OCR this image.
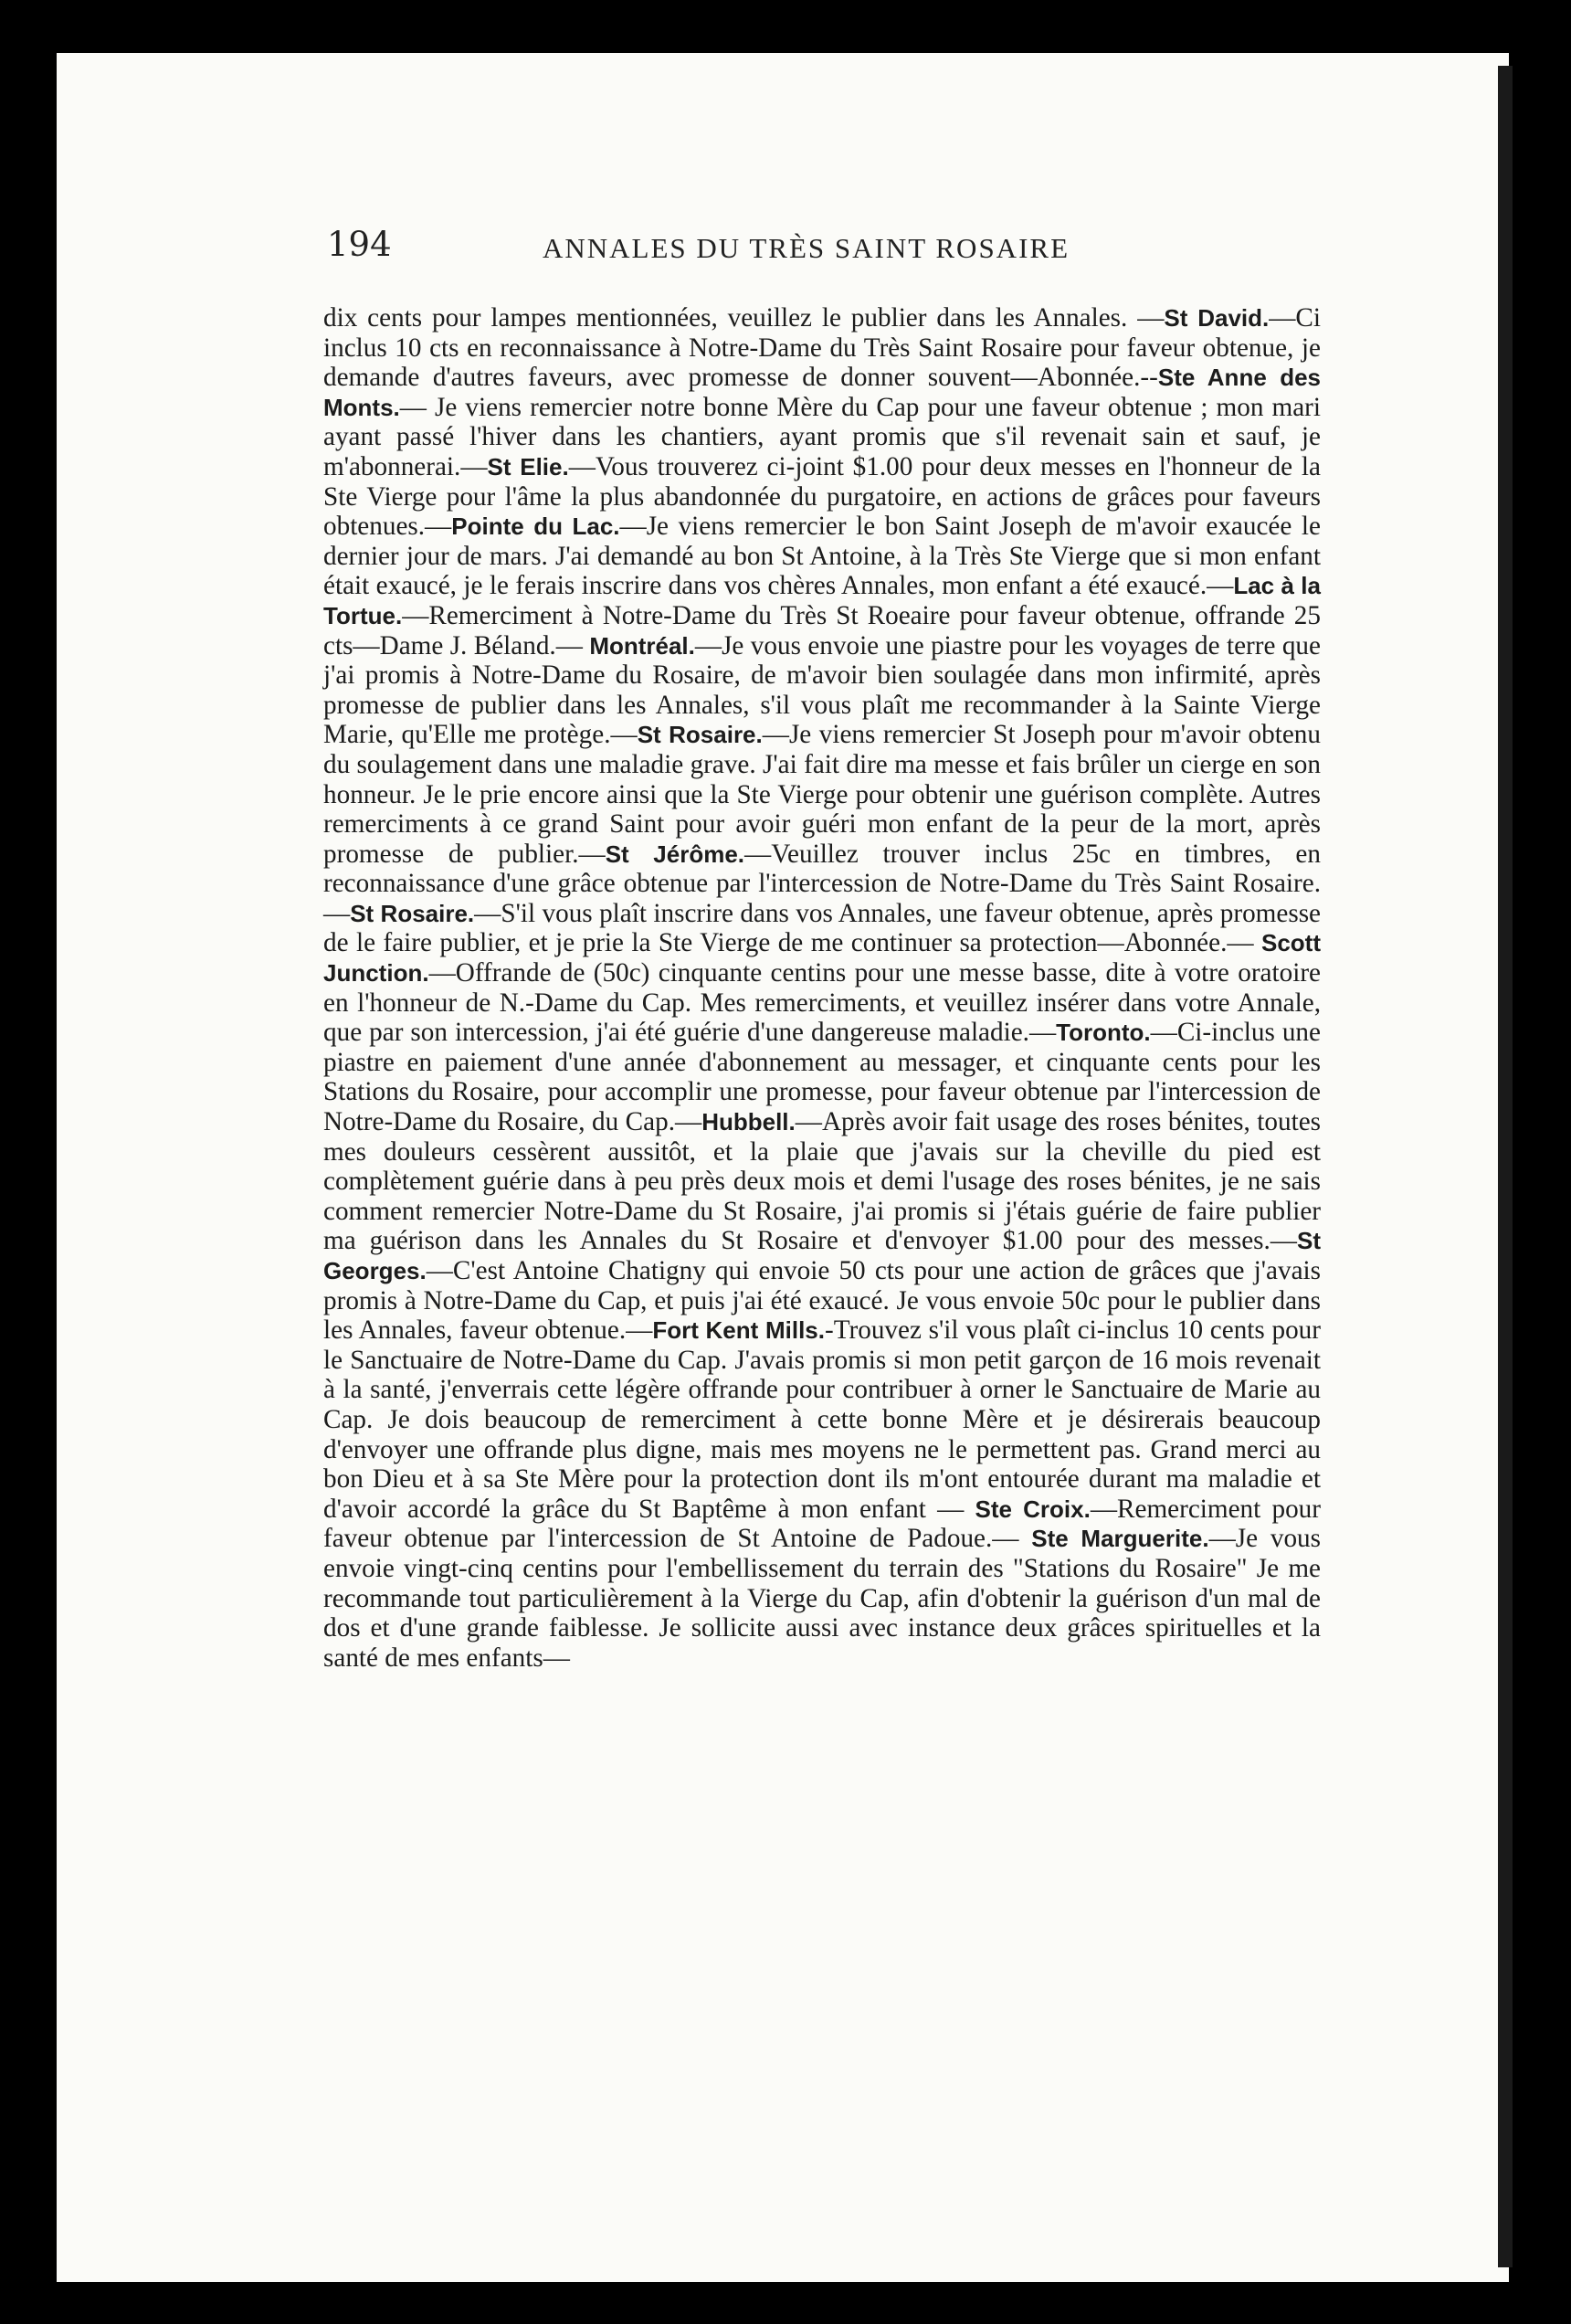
194	ANNALES DU TRÈS SAINT ROSAIRE

dix cents pour lampes mentionnées, veuillez le publier dans les Annales. —St David.—Ci inclus 10 cts en reconnaissance à Notre-Dame du Très Saint Rosaire pour faveur obtenue, je demande d'autres faveurs, avec promesse de donner souvent—Abonnée.--Ste Anne des Monts.— Je viens remercier notre bonne Mère du Cap pour une faveur obtenue ; mon mari ayant passé l'hiver dans les chantiers, ayant promis que s'il revenait sain et sauf, je m'abonnerai.—St Elie.—Vous trouverez ci-joint $1.00 pour deux messes en l'honneur de la Ste Vierge pour l'âme la plus abandonnée du purgatoire, en actions de grâces pour faveurs obtenues.—Pointe du Lac.—Je viens remercier le bon Saint Joseph de m'avoir exaucée le dernier jour de mars. J'ai demandé au bon St Antoine, à la Très Ste Vierge que si mon enfant était exaucé, je le ferais inscrire dans vos chères Annales, mon enfant a été exaucé.—Lac à la Tortue.—Remerciment à Notre-Dame du Très St Roeaire pour faveur obtenue, offrande 25 cts—Dame J. Béland.— Montréal.—Je vous envoie une piastre pour les voyages de terre que j'ai promis à Notre-Dame du Rosaire, de m'avoir bien soulagée dans mon infirmité, après promesse de publier dans les Annales, s'il vous plaît me recommander à la Sainte Vierge Marie, qu'Elle me protège.—St Rosaire.—Je viens remercier St Joseph pour m'avoir obtenu du soulagement dans une maladie grave. J'ai fait dire ma messe et fais brûler un cierge en son honneur. Je le prie encore ainsi que la Ste Vierge pour obtenir une guérison complète. Autres remerciments à ce grand Saint pour avoir guéri mon enfant de la peur de la mort, après promesse de publier.—St Jérôme.—Veuillez trouver inclus 25c en timbres, en reconnaissance d'une grâce obtenue par l'intercession de Notre-Dame du Très Saint Rosaire.—St Rosaire.—S'il vous plaît inscrire dans vos Annales, une faveur obtenue, après promesse de le faire publier, et je prie la Ste Vierge de me continuer sa protection—Abonnée.— Scott Junction.—Offrande de (50c) cinquante centins pour une messe basse, dite à votre oratoire en l'honneur de N.-Dame du Cap. Mes remerciments, et veuillez insérer dans votre Annale, que par son intercession, j'ai été guérie d'une dangereuse maladie.—Toronto.—Ci-inclus une piastre en paiement d'une année d'abonnement au messager, et cinquante cents pour les Stations du Rosaire, pour accomplir une promesse, pour faveur obtenue par l'intercession de Notre-Dame du Rosaire, du Cap.—Hubbell.—Après avoir fait usage des roses bénites, toutes mes douleurs cessèrent aussitôt, et la plaie que j'avais sur la cheville du pied est complètement guérie dans à peu près deux mois et demi l'usage des roses bénites, je ne sais comment remercier Notre-Dame du St Rosaire, j'ai promis si j'étais guérie de faire publier ma guérison dans les Annales du St Rosaire et d'envoyer $1.00 pour des messes.—St Georges.—C'est Antoine Chatigny qui envoie 50 cts pour une action de grâces que j'avais promis à Notre-Dame du Cap, et puis j'ai été exaucé. Je vous envoie 50c pour le publier dans les Annales, faveur obtenue.—Fort Kent Mills.-Trouvez s'il vous plaît ci-inclus 10 cents pour le Sanctuaire de Notre-Dame du Cap. J'avais promis si mon petit garçon de 16 mois revenait à la santé, j'enverrais cette légère offrande pour contribuer à orner le Sanctuaire de Marie au Cap. Je dois beaucoup de remerciment à cette bonne Mère et je désirerais beaucoup d'envoyer une offrande plus digne, mais mes moyens ne le permettent pas. Grand merci au bon Dieu et à sa Ste Mère pour la protection dont ils m'ont entourée durant ma maladie et d'avoir accordé la grâce du St Baptême à mon enfant — Ste Croix.—Remerciment pour faveur obtenue par l'intercession de St Antoine de Padoue.— Ste Marguerite.—Je vous envoie vingt-cinq centins pour l'embellissement du terrain des "Stations du Rosaire" Je me recommande tout particulièrement à la Vierge du Cap, afin d'obtenir la guérison d'un mal de dos et d'une grande faiblesse. Je sollicite aussi avec instance deux grâces spirituelles et la santé de mes enfants—
